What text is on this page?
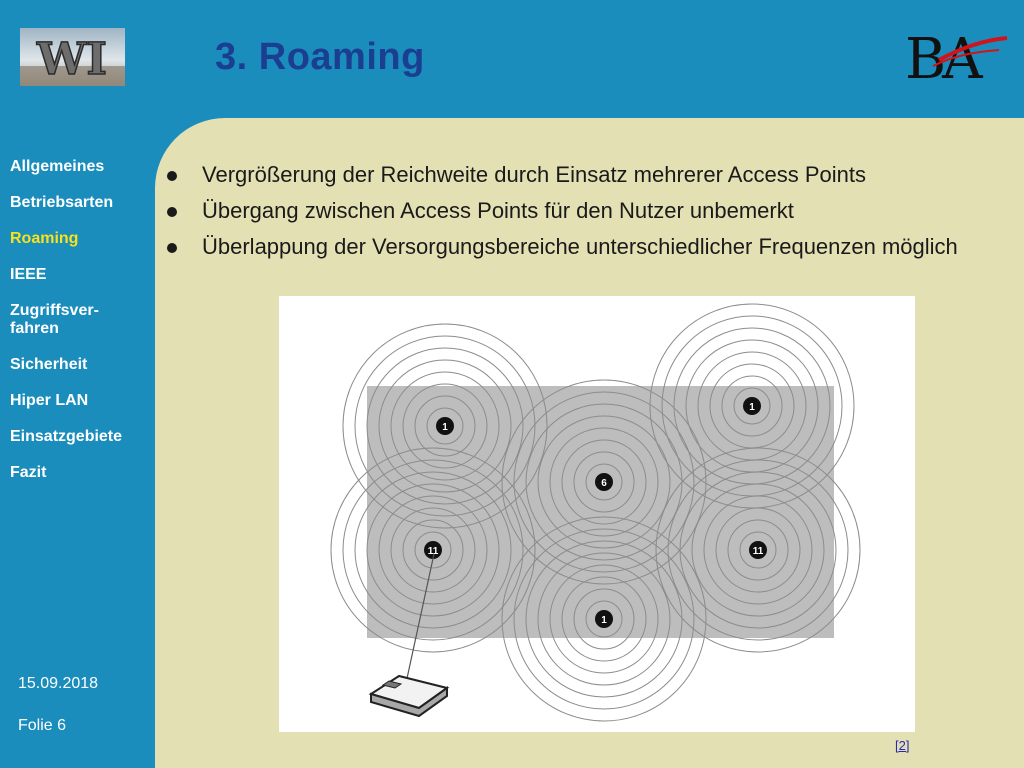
WI	BA
3. Roaming
Allgemeines
Betriebsarten
Roaming
IEEE
Zugriffsver-
fahren
Sicherheit
Hiper LAN
Einsatzgebiete
Fazit
15.09.2018
Folie 6
Vergrößerung der Reichweite durch Einsatz mehrerer Access Points
Übergang zwischen Access Points für den Nutzer unbemerkt
Überlappung der Versorgungsbereiche unterschiedlicher Frequenzen möglich
1
6
1
11	11
1
[2]
